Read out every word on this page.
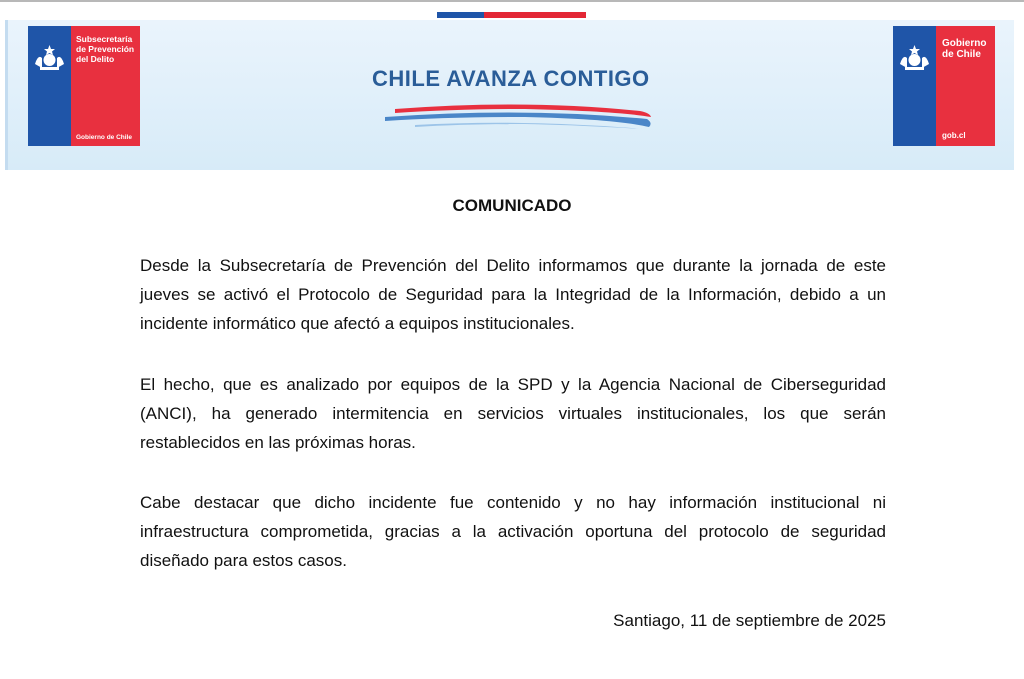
Subsecretaría de Prevención del Delito
Gobierno de Chile
CHILE AVANZA CONTIGO
Gobierno de Chile
gob.cl
COMUNICADO
Desde la Subsecretaría de Prevención del Delito informamos que durante la jornada de este jueves se activó el Protocolo de Seguridad para la Integridad de la Información, debido a un incidente informático que afectó a equipos institucionales.
El hecho, que es analizado por equipos de la SPD y la Agencia Nacional de Ciberseguridad (ANCI), ha generado intermitencia en servicios virtuales institucionales, los que serán restablecidos en las próximas horas.
Cabe destacar que dicho incidente fue contenido y no hay información institucional ni infraestructura comprometida, gracias a la activación oportuna del protocolo de seguridad diseñado para estos casos.
Santiago, 11 de septiembre de 2025
